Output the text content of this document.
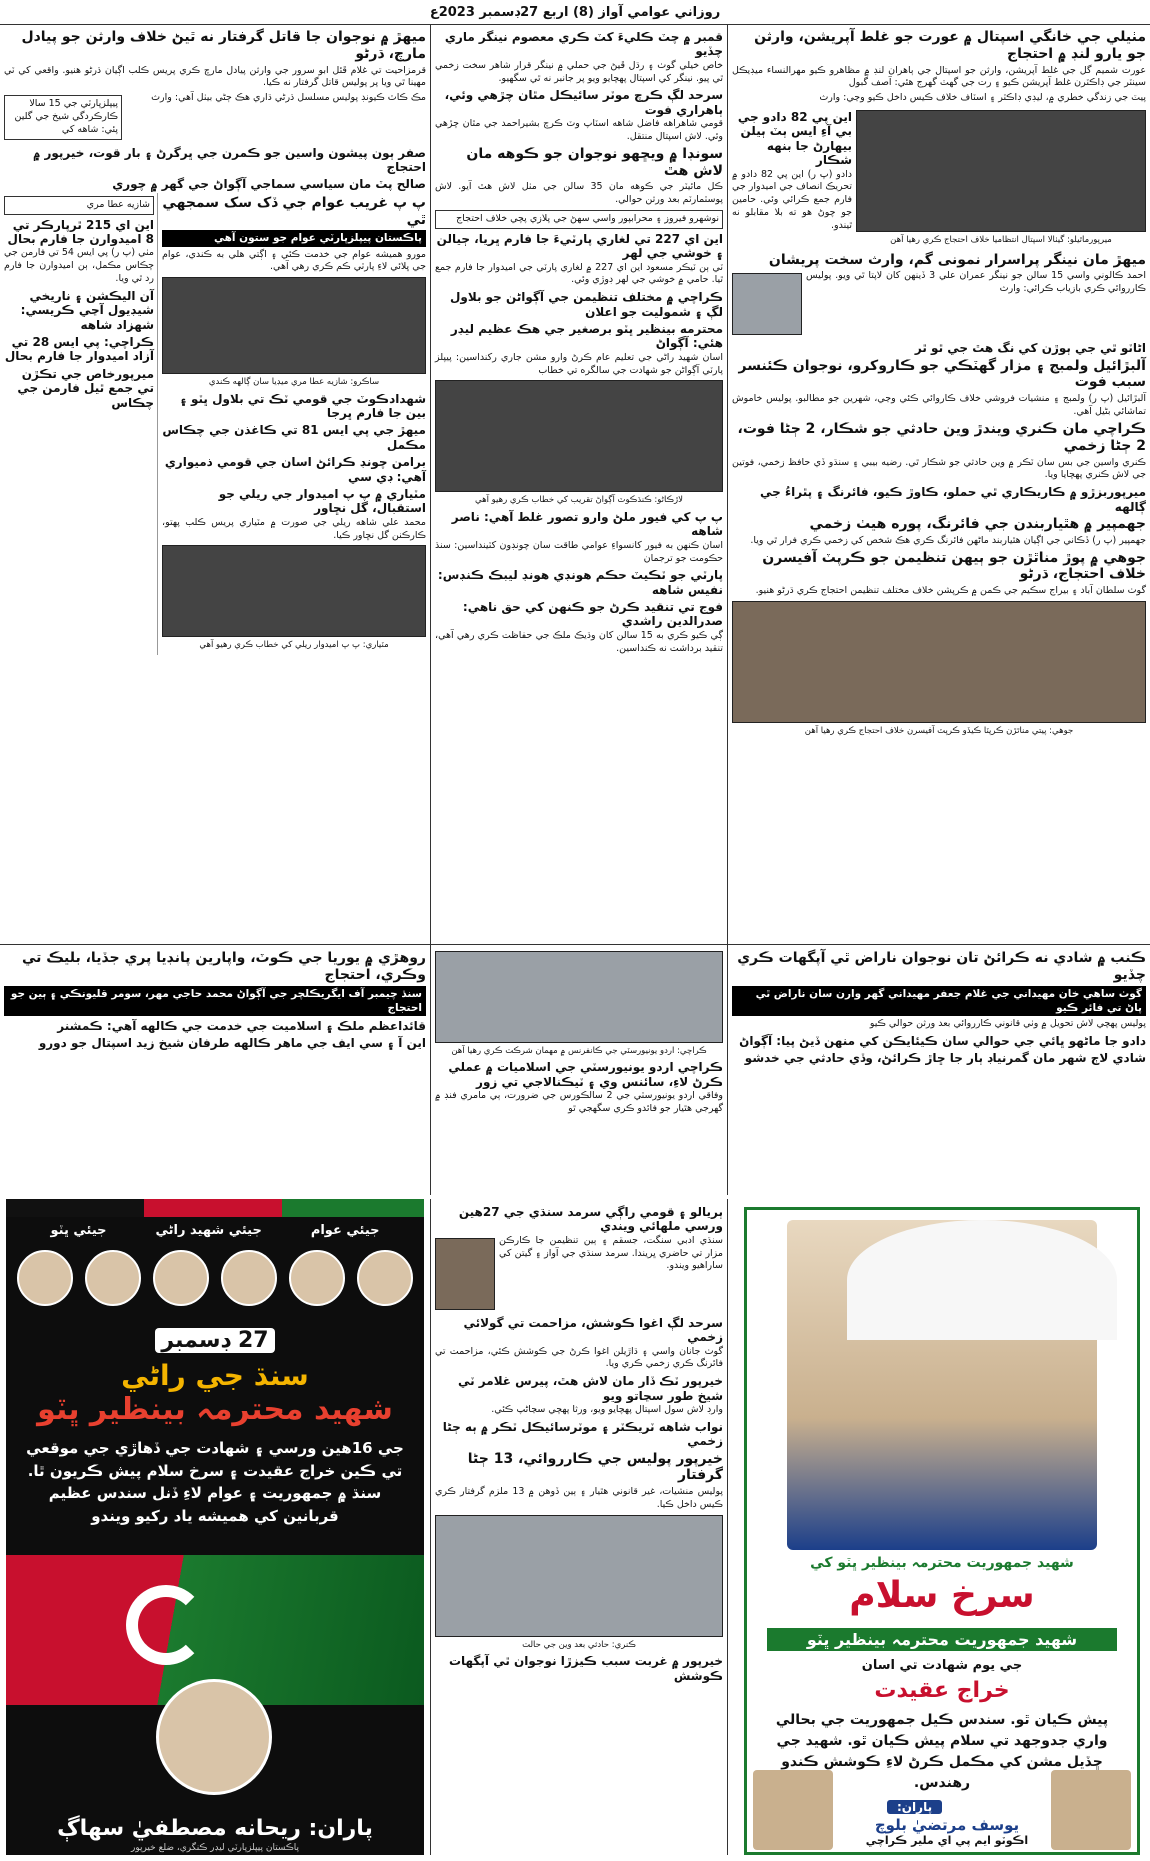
روزاني عوامي آواز (8) اربع 27ڊسمبر 2023ع
مٺيلي جي خانگي اسپتال ۾ عورت جو غلط آپريشن، وارثن جو يارو لنڊ ۾ احتجاج

عورت شميم گل جي غلط آپريشن، وارثن جو اسپتال جي ٻاهران لنڊ ۾ مظاهرو ڪيو مهرالنساء ميڊيڪل سينٽر جي ڊاڪٽرن غلط آپريشن ڪيو ۽ رت جي گهٽ گهرج هئي: آصف گبول

پيٽ جي زندگي خطري ۾، ليڊي ڊاڪٽر ۽ اسٽاف خلاف ڪيس داخل ڪيو وڃي: وارث

ميرپورماٿيلو: گيٺالا اسپتال انتظاميا خلاف احتجاج ڪري رهيا آهن
اين پي 82 دادو جي بي آءِ ايس ٻٽ ٻيلن بيهارڻ جا بنهه شڪار

دادو (پ ر) اين پي 82 دادو ۾ تحريڪ انصاف جي اميدوار جي فارم جمع ڪرائي وئي. حامين جو چوڻ هو ته بلا مقابلو نه ٿيندو.

ميهڙ مان نينگر پراسرار نمونی گم، وارث سخت پريشان

احمد ڪالوني واسي 15 سالن جو نينگر عمران علي 3 ڏينهن کان لاپتا ٿي ويو. پوليس ڪارروائي ڪري بازياب ڪرائي: وارث

اڻاٽو ٿي جي ٻوڙن کي نگ هٿ جي ٿو ٿر
آلبڙائيل ولمبج ۽ مزار گهٽڪي جو ڪاروکرو، نوجوان ڪئنسر سبب فوت

آلبڙائيل (پ ر) ولمبج ۽ منشيات فروشي خلاف ڪاروائي ڪئي وڃي، شهرين جو مطالبو. پوليس خاموش تماشائي بڻيل آهي.

ڪراچي مان ڪنري ويندڙ وين حادثي جو شڪار، 2 ڄڻا فوت، 2 ڄڻا زخمي

ڪنري واسين جي بس سان ٽڪر ۾ وين حادثي جو شڪار ٿي. رضيه بيبي ۽ سنڌو ڏي حافظ زخمي، فوتين جي لاش ڪنري پهچايا ويا.

ميرپوربزڙو ۾ ڪاريڪاري ٿي حملو، ڪاوڙ ڪيو، فائرنگ ۽ پٿراءُ جي ڳالهه
جهمپير ۾ هٿياربندن جي فائرنگ، پوره هيٺ زخمي

جهمپير (پ ر) ڏڪاني جي اڳيان هٿياربند ماڻهن فائرنگ ڪري هڪ شخص کي زخمي ڪري فرار ٿي ويا.

جوهي ۾ پوڙ مناٿڙن جو ٻيهن تنظيمن جو ڪرپٽ آفيسرن خلاف احتجاج، ڌرڻو

گوٺ سلطان آباد ۽ بيراج سڪيم جي ڪمن ۾ ڪرپشن خلاف مختلف تنظيمن احتجاج ڪري ڌرڻو هنيو.

جوهي: پيتي مناٿڙن ڪرپٽا ڪيڏو ڪرپٽ آفيسرن خلاف احتجاج ڪري رهيا آهن
قمبر ۾ چٽ ڪليءَ کٽ ڪري معصوم نينگر ماري چڏيو

خاص خيلي گوٺ ۽ رڌل ڦيڻ جي حملي ۾ نينگر قرار شاهر سخت زخمي ٿي پيو. نينگر کي اسپتال پهچايو ويو پر جانبر نه ٿي سگهيو.

سرحد لڳ ڪرچ موٽر سائيڪل مٿان چڙهي وئي، ٻاهراري فوت

قومي شاهراهه فاضل شاهه اسٽاپ وٽ ڪرچ بشيراحمد جي مٿان چڙهي وئي. لاش اسپتال منتقل.

سونڊا ۾ ويڇهو نوجوان جو ڪوهه مان لاش هٿ

ڪل مائيٽر جي ڪوهه مان 35 سالن جي مٺل لاش هٿ آيو. لاش پوسٽمارٽم بعد ورثن حوالي.

نوشهرو فيروز ۽ محرابپور واسي سهڻ جي پلازي پچي خلاف احتجاج
اين اي 227 تي لغاري پارٽيءَ جا فارم ڀريا، ڄيالن ۽ خوشي جي لهر

ٽي ٻن ٽيڪر مسعود اين اي 227 ۾ لغاري پارٽي جي اميدوار جا فارم جمع ٿيا. حامي ۾ خوشي جي لهر ڊوڙي وئي.

ڪراچي ۾ مختلف تنظيمن جي آڳواڻن جو بلاول لڳ ۽ شموليت جو اعلان
محترمه بينظير ڀٽو برصغير جي هڪ عظيم ليڊر هئي: آڳواڻ

اسان شهيد راڻي جي تعليم عام ڪرڻ وارو مشن جاري رکنداسين: پيپلز پارٽي آڳواڻن جو شهادت جي سالگره تي خطاب

لاڙڪاڻو: ڪنڌڪوٽ آڳواڻ تقريب کي خطاب ڪري رهيو آهي
پ پ کي فيور ملڻ وارو تصور غلط آهي: ناصر شاهه

اسان ڪنهن به فيور کانسواءِ عوامي طاقت سان چونڊون کٽينداسين: سنڌ حڪومت جو ترجمان

پارٽي جو ٽڪيٽ حڪم هونڊي هونڊ ليبڪ ڪنڊس: نفيس شاهه
فوج تي تنقيد ڪرڻ جو ڪنهن کي حق ناهي: صدرالدين راشدي

ڳي ڪيو ڪري به 15 سالن کان وڌيڪ ملڪ جي حفاظت ڪري رهي آهي، تنقيد برداشت نه ڪنداسين.

ميهڙ ۾ نوجوان جا قاتل گرفتار نه ٿيڻ خلاف وارثن جو پيادل مارچ، ڌرڻو

قرمزاحيت تي غلام ڦئل ابو سرور جي وارثن پيادل مارچ ڪري پريس ڪلب اڳيان ڌرڻو هنيو. واقعي کي ٽي مهينا ٿي ويا پر پوليس قاتل گرفتار نه ڪيا.

مڪ ڪاٽ ڪيونڊ پوليس مسلسل ڌرڻي ڌاري هڪ ڄڻي بيٺل آهي: وارث

پيپلزپارٽي جي 15 سالا ڪارڪردگي شيخ جي گلين پئي: شاهه کي
صفر ٻون پيشون واسين جو ڪمرن جي ڀرگرڻ ۽ بار قوت، خيرپور ۾ احتجاج
صالح پٽ مان سياسي سماجي آڳواڻ جي گهر ۾ چوري
پ پ غريب عوام جي ڏک سک سمجهي ٿي
پاڪستان پيپلزپارٽي عوام جو ستون آهي

مورو هميشه عوام جي خدمت ڪئي ۽ اڳتي هلي به ڪندي، عوام جي ڀلائي لاءِ پارٽي ڪم ڪري رهي آهي.

ساڪرو: شازيه عطا مري ميڊيا سان ڳالهه ڪندي
شهدادڪوٽ جي قومي ٽڪ تي بلاول ڀٽو ۽ بين جا فارم ڀرجا
ميهڙ جي پي ايس 81 تي ڪاغذن جي چڪاس مڪمل
برامن چونڊ ڪرائڻ اسان جي قومي ذميواري آهي: ڊي سي
مٽياري ۾ پ پ اميدوار جي ريلي جو استقبال، گل نڇاور

محمد علي شاهه ريلي جي صورت ۾ مٽياري پريس ڪلب پهتو، ڪارڪنن گل نڇاور ڪيا.

مٽياري: پ پ اميدوار ريلي کي خطاب ڪري رهيو آهي
شازيه عطا مري
اين اي 215 ٿرپارڪر تي 8 اميدوارن جا فارم بحال

مٺي (پ ر) پي ايس 54 تي فارمن جي چڪاس مڪمل، ٻن اميدوارن جا فارم رد ٿي ويا.

آن اليڪشن ۽ ناريخي شيڊيول آڃي ڪريسي: شهزاد شاهه
ڪراچي: پي ايس 28 تي آزاد اميدوار جا فارم بحال
ميرپورخاص جي تڪڙن تي جمع ٿيل فارمن جي چڪاس
ڪنب ۾ شادي نه ڪرائڻ تان نوجوان ناراض ٿي آپگهات ڪري چڏيو
گوٺ ساهي خان مهيداني جي غلام جعفر مهيداني گهر وارن سان ناراض ٿي پاڻ تي فائر ڪيو

پوليس پهچي لاش تحويل ۾ وٺي قانوني ڪارروائي بعد ورثن حوالي ڪيو

دادو جا ماڻهو ڀائي جي حوالي سان ڪيئايڪن کي منهن ڏيڻ پيا: آڳواڻ
شادي لاڄ شهر مان گمرنياڊ ٻار جا ڇاڙ ڪرائڻ، وڏي حادثي جي خدشو
ڪراچي: اردو يونيورسٽي جي ڪانفرنس ۾ مهمان شرڪت ڪري رهيا آهن
ڪراچي اردو يونيورسٽي جي اسلاميات ۾ عملي ڪرڻ لاءِ، سائنس وي ۽ ٽيڪنالاجي تي زور

وفاقي اردو يونيورسٽي جي 2 سالڪورس جي ضرورت، ٻي مامري فنڊ ۾ گهرجي هٿيار جو فائدو ڪري سگهجي ٿو

روهڙي ۾ يوريا جي ڪوٽ، واپارين پانڊيا پري جڏيا، بليڪ تي وڪري، احتجاج
سنڌ چيمبر آف ايگريڪلچر جي آڳواڻ محمد حاجي مهر، سومر قليونڪي ۽ ٻين جو احتجاج
قائداعظم ملڪ ۽ اسلاميت جي خدمت جي ڪالهه آهي: ڪمشنر
اين آ ۽ سي ايف جي ماهر ڪالهه طرفان شيخ زيد اسپتال جو دورو
جيئي عوام
جيئي شهيد راڻي
جيئي ڀٽو
27 ڊسمبر
سنڌ جي راڻي
شهيد محترمہ بينظير ڀٽو
جي 16هين ورسي ۽ شهادت جي ڏهاڙي جي موقعي تي ڪين خراج عقيدت ۽ سرخ سلام پيش ڪريون ٿا. سنڌ ۾ جمهوريت ۽ عوام لاءِ ڏنل سندس عظيم قربانين کي هميشه ياد رکيو ويندو
پاران: ريحانه مصطفيٰ سهاڳ
پاڪستان پيپلزپارٽي ليڊر ڪنگري، ضلع خيرپور
ٻريالو ۽ قومي راڳي سرمد سنڌي جي 27هين ورسي ملهائي ويندي

سنڌي ادبي سنگت، جسقم ۽ ٻين تنظيمن جا ڪارڪن مزار تي حاضري ڀريندا. سرمد سنڌي جي آواز ۽ گيتن کي ساراهيو ويندو.

سرحد لڳ اغوا ڪوشش، مزاحمت تي گولائي زخمي

گوٺ جانان واسي ۽ ڌاڙيلن اغوا ڪرڻ جي ڪوشش ڪئي، مزاحمت تي فائرنگ ڪري زخمي ڪري ويا.

خيرپور ٽڪ ڏار مان لاش هٿ، پيرس غلامر ٽي شيخ طور سڃاتو ويو

وارڊ لاش سول اسپتال پهچايو ويو، ورثا پهچي سڃاڻپ ڪئي.

نواب شاهه ٽريڪٽر ۽ موٽرسائيڪل ٽڪر ۾ ٻه ڄڻا زخمي
خيرپور پوليس جي ڪارروائي، 13 ڄڻا گرفتار

پوليس منشيات، غير قانوني هٿيار ۽ ٻين ڏوهن ۾ 13 ملزم گرفتار ڪري ڪيس داخل ڪيا.

ڪنري: حادثي بعد وين جي حالت
خيرپور ۾ غربت سبب ڪيزڙا نوجوان ٿي آپگهات ڪوشش
شهيد جمهوريت محترمہ بينظير ڀٽو کي
سرخ سلام
شهيد جمهوريت محترمہ بينظير ڀٽو
جي يوم شهادت تي اسان
خراج عقيدت
پيش ڪيان ٿو. سندس ڪيل جمهوريت جي بحالي واري جدوجهد تي سلام پيش ڪيان ٿو. شهيد جي ڇڏيل مشن کي مڪمل ڪرڻ لاءِ ڪوشش ڪندو رهندس.
پاران:
يوسف مرتضيٰ بلوچ
اڪوٽو ايم پي اي ملير ڪراچي
